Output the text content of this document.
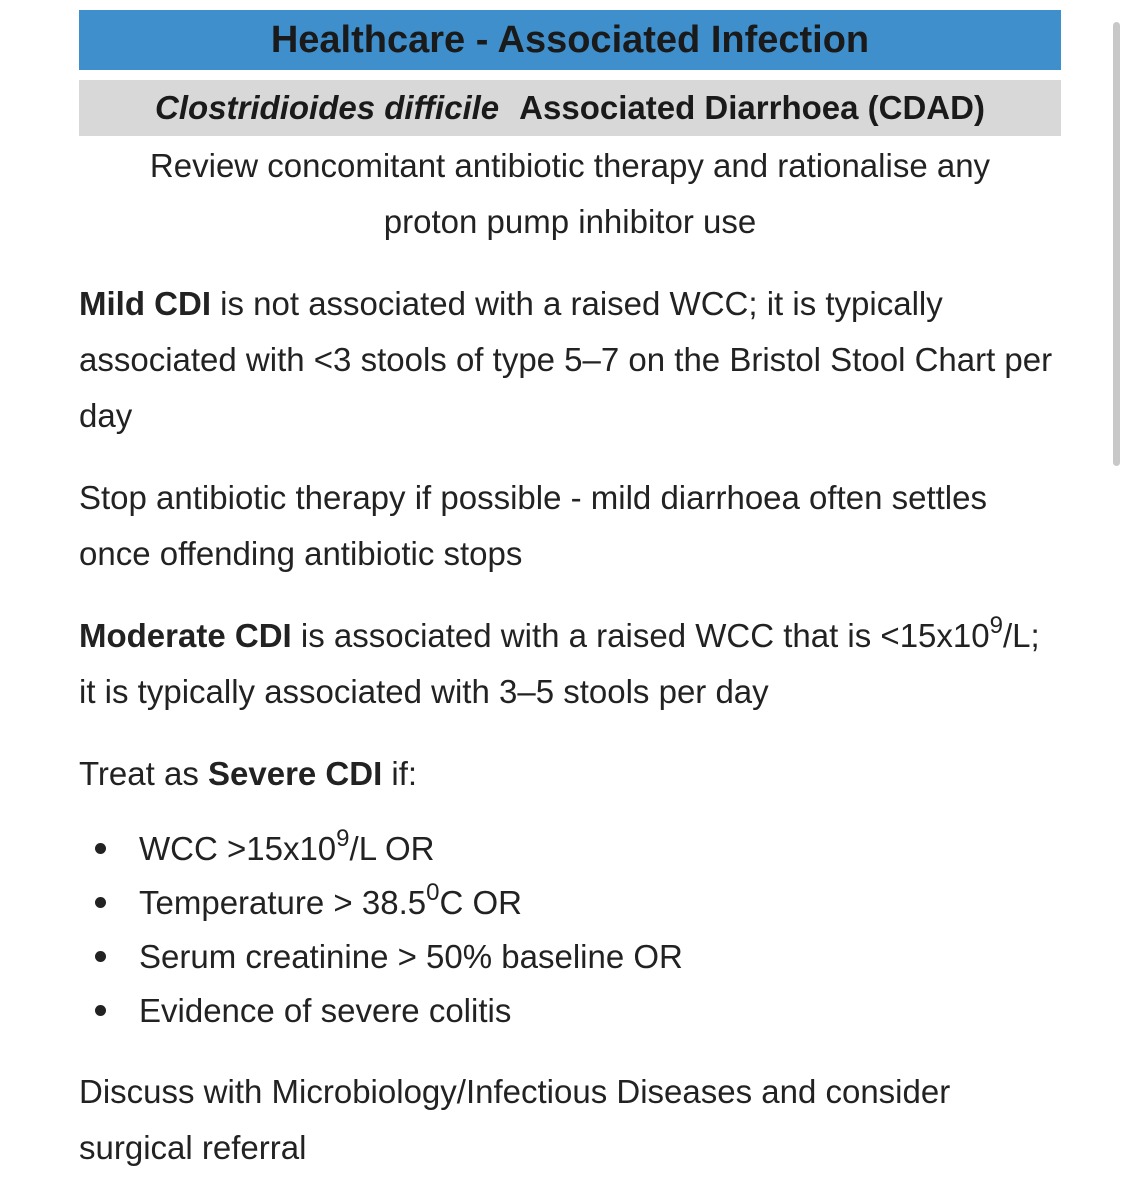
Healthcare - Associated Infection
Clostridioides difficile Associated Diarrhoea (CDAD)
Review concomitant antibiotic therapy and rationalise any
proton pump inhibitor use

Mild CDI is not associated with a raised WCC; it is typically associated with <3 stools of type 5–7 on the Bristol Stool Chart per day

Stop antibiotic therapy if possible - mild diarrhoea often settles once offending antibiotic stops

Moderate CDI is associated with a raised WCC that is $<15x10^9/L$; it is typically associated with 3–5 stools per day

Treat as Severe CDI if:

WCC $>15x10^9/L$ OR
Temperature > $38.5^0C$ OR
Serum creatinine > 50% baseline OR
Evidence of severe colitis

Discuss with Microbiology/Infectious Diseases and consider surgical referral
